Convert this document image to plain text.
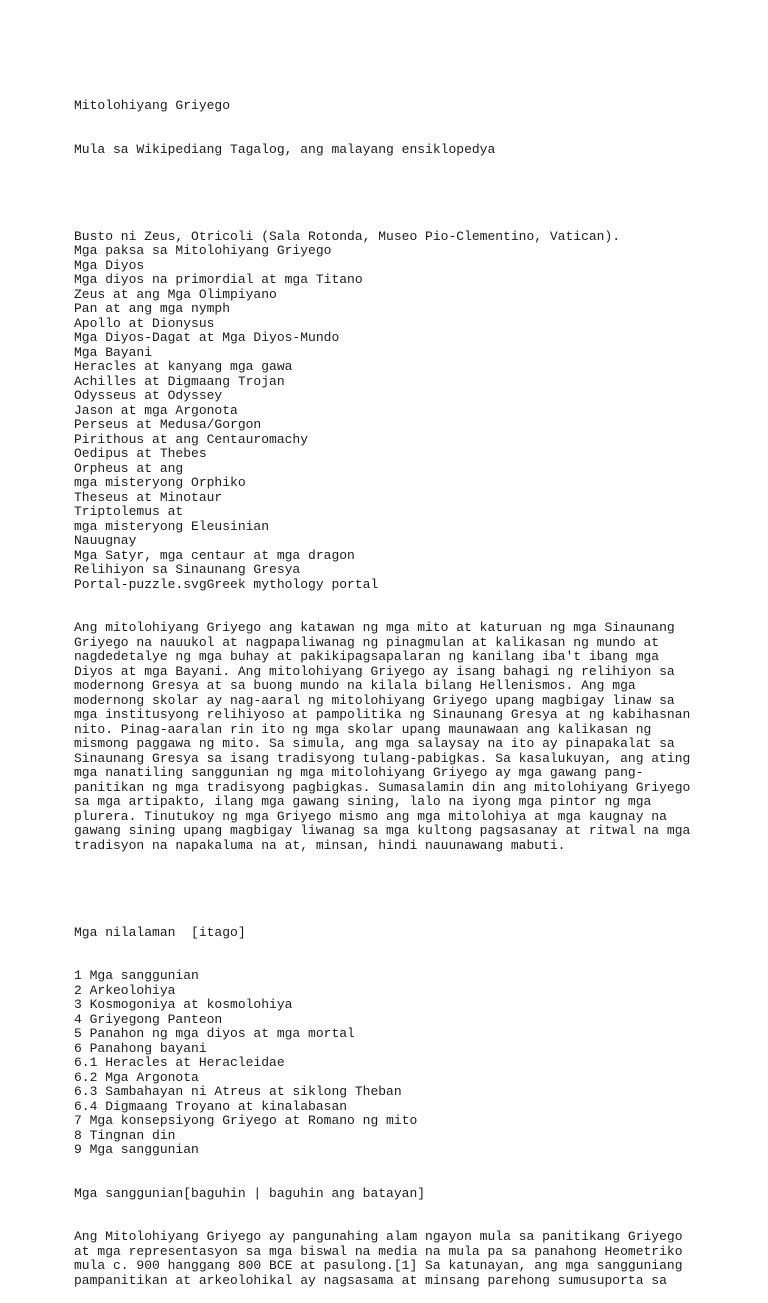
Mitolohiyang Griyego

Mula sa Wikipediang Tagalog, ang malayang ensiklopedya

Busto ni Zeus, Otricoli (Sala Rotonda, Museo Pio-Clementino, Vatican).
Mga paksa sa Mitolohiyang Griyego
Mga Diyos
Mga diyos na primordial at mga Titano
Zeus at ang Mga Olimpiyano
Pan at ang mga nymph
Apollo at Dionysus
Mga Diyos-Dagat at Mga Diyos-Mundo
Mga Bayani
Heracles at kanyang mga gawa
Achilles at Digmaang Trojan
Odysseus at Odyssey
Jason at mga Argonota
Perseus at Medusa/Gorgon
Pirithous at ang Centauromachy
Oedipus at Thebes
Orpheus at ang
mga misteryong Orphiko
Theseus at Minotaur
Triptolemus at
mga misteryong Eleusinian
Nauugnay
Mga Satyr, mga centaur at mga dragon
Relihiyon sa Sinaunang Gresya
Portal-puzzle.svgGreek mythology portal

Ang mitolohiyang Griyego ang katawan ng mga mito at katuruan ng mga Sinaunang
Griyego na nauukol at nagpapaliwanag ng pinagmulan at kalikasan ng mundo at
nagdedetalye ng mga buhay at pakikipagsapalaran ng kanilang iba't ibang mga
Diyos at mga Bayani. Ang mitolohiyang Griyego ay isang bahagi ng relihiyon sa
modernong Gresya at sa buong mundo na kilala bilang Hellenismos. Ang mga
modernong skolar ay nag-aaral ng mitolohiyang Griyego upang magbigay linaw sa
mga institusyong relihiyoso at pampolitika ng Sinaunang Gresya at ng kabihasnan
nito. Pinag-aaralan rin ito ng mga skolar upang maunawaan ang kalikasan ng
mismong paggawa ng mito. Sa simula, ang mga salaysay na ito ay pinapakalat sa
Sinaunang Gresya sa isang tradisyong tulang-pabigkas. Sa kasalukuyan, ang ating
mga nanatiling sanggunian ng mga mitolohiyang Griyego ay mga gawang pang-
panitikan ng mga tradisyong pagbigkas. Sumasalamin din ang mitolohiyang Griyego
sa mga artipakto, ilang mga gawang sining, lalo na iyong mga pintor ng mga
plurera. Tinutukoy ng mga Griyego mismo ang mga mitolohiya at mga kaugnay na
gawang sining upang magbigay liwanag sa mga kultong pagsasanay at ritwal na mga
tradisyon na napakaluma na at, minsan, hindi nauunawang mabuti.

Mga nilalaman  [itago]

1 Mga sanggunian
2 Arkeolohiya
3 Kosmogoniya at kosmolohiya
4 Griyegong Panteon
5 Panahon ng mga diyos at mga mortal
6 Panahong bayani
6.1 Heracles at Heracleidae
6.2 Mga Argonota
6.3 Sambahayan ni Atreus at siklong Theban
6.4 Digmaang Troyano at kinalabasan
7 Mga konsepsiyong Griyego at Romano ng mito
8 Tingnan din
9 Mga sanggunian

Mga sanggunian[baguhin | baguhin ang batayan]

Ang Mitolohiyang Griyego ay pangunahing alam ngayon mula sa panitikang Griyego
at mga representasyon sa mga biswal na media na mula pa sa panahong Heometriko
mula c. 900 hanggang 800 BCE at pasulong.[1] Sa katunayan, ang mga sangguniang
pampanitikan at arkeolohikal ay nagsasama at minsang parehong sumusuporta sa
